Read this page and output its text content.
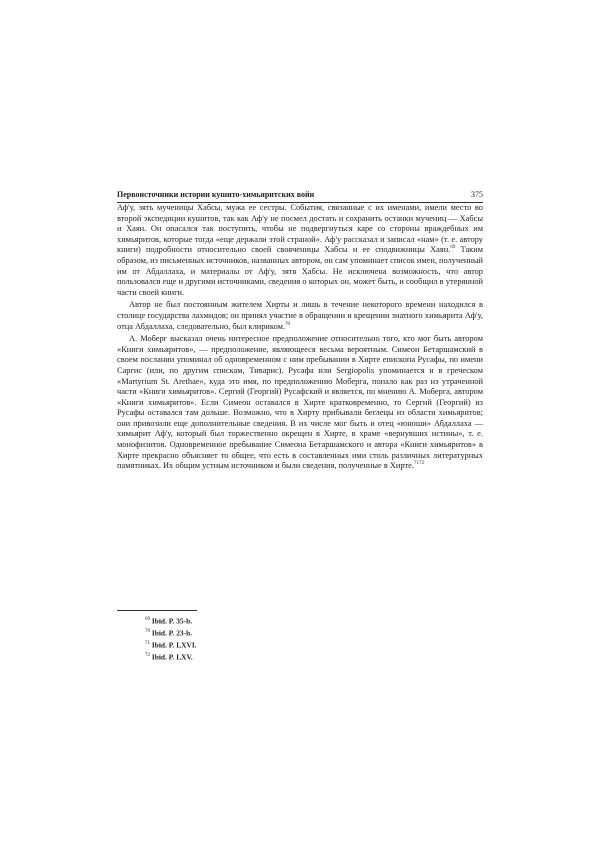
Первоисточники истории кушито-химьяритских войн	375

Аф'у, зять мученицы Хабсы, мужа ее сестры. События, связанные с их именами, имели место во второй экспедиции кушитов, так как Аф'у не посмел достать и сохранить останки мучениц — Хабсы и Хаян. Он опасался так поступить, чтобы не подвергнуться каре со стороны враждебных им химьяритов, которые тогда «еще держали этой страной». Аф'у рассказал и записал «нам» (т. е. автору книги) подробности относительно своей свояченицы Хабсы и ее сподвижницы Хаян.$^{69}$ Таким образом, из письменных источников, названных автором, он сам упоминает список имен, полученный им от Абдаллаха, и материалы от Аф'у, зятя Хабсы. Не исключена возможность, что автор пользовался еще и другими источниками, сведения о которых он, может быть, и сообщил в утерянной части своей книги.

Автор не был постоянным жителем Хирты и лишь в течение некоторого времени находился в столице государства лахмидов; он принял участие в обращении и крещении знатного химьярита Аф'у, отца Абдаллаха, следовательно, был клириком.$^{70}$

А. Моберг высказал очень интересное предположение относительно того, кто мог быть автором «Книги химьяритов», — предположение, являющееся весьма вероятным. Симеон Бетаршамский в своем послании упоминал об одновременном с ним пребывании в Хирте епископа Русафы, по имени Саргис (или, по другим спискам, Тиварис). Русафа или Sergiopolis упоминается и в греческом «Martyrium St. Arethae», куда это имя, по предположению Моберга, попало как раз из утраченной части «Книги химьяритов». Сергий (Георгий) Русафский и является, по мнению А. Моберга, автором «Книги химьяритов». Если Симеон оставался в Хирте кратковременно, то Сергий (Георгий) из Русафы оставался там дольше. Возможно, что в Хирту прибывали беглецы из области химьяритов; они привозили еще дополнительные сведения. В их числе мог быть и отец «юноши» Абдаллаха — химьярит Аф'у, который был торжественно окрещен в Хирте, в храме «вернувших истины», т. е. монофизитов. Одновременное пребывание Симеона Бетаршамского и автора «Книги химьяритов» в Хирте прекрасно объясняет то общее, что есть в составленных ими столь различных литературных памятниках. Их общим устным источником и были сведения, полученные в Хирте.$^{7172}$

$^{69}$ Ibid. P. 35-b.
$^{70}$ Ibid. P. 23-b.
$^{71}$ Ibid. P. LXVI.
$^{72}$ Ibid. P. LXV.
